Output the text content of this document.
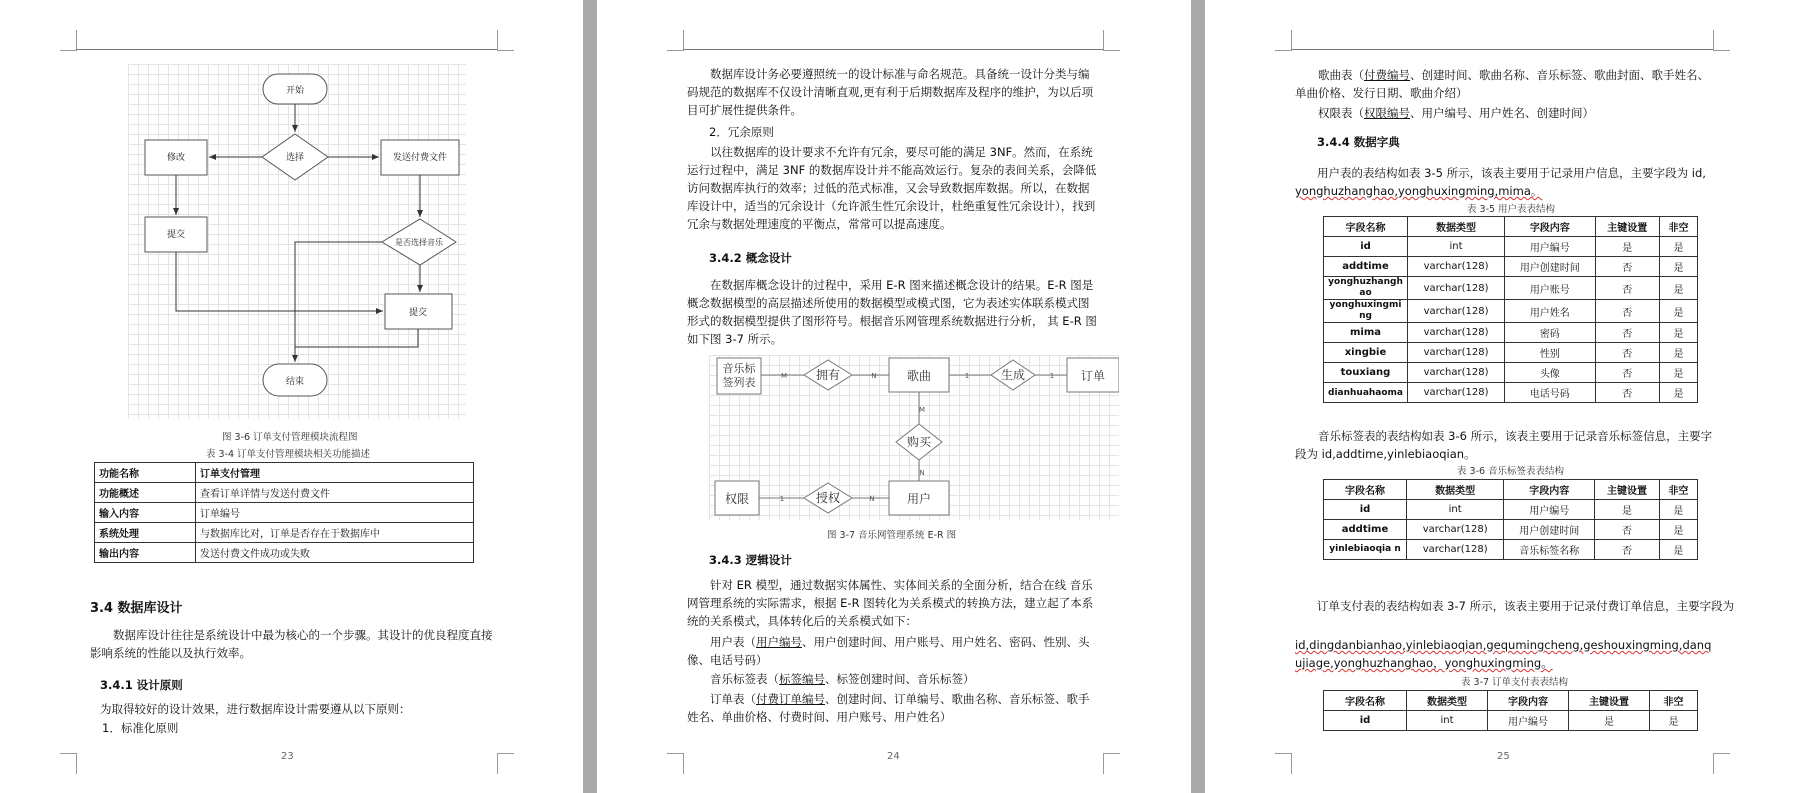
开始
选择
修改	发送付费文件
提交
是否选择音乐
提交
结束
图 3-6 订单支付管理模块流程图
表 3-4 订单支付管理模块相关功能描述
功能名称	订单支付管理
功能概述	查看订单详情与发送付费文件
输入内容	订单编号
系统处理	与数据库比对，订单是否存在于数据库中
输出内容	发送付费文件成功或失败
3.4 数据库设计
数据库设计往往是系统设计中最为核心的一个步骤。其设计的优良程度直接影响系统的性能以及执行效率。
3.4.1 设计原则
为取得较好的设计效果，进行数据库设计需要遵从以下原则：
1．标准化原则
23
数据库设计务必要遵照统一的设计标准与命名规范。具备统一设计分类与编码规范的数据库不仅设计清晰直观,更有利于后期数据库及程序的维护，为以后项目可扩展性提供条件。
2．冗余原则
以往数据库的设计要求不允许有冗余，要尽可能的满足 3NF。然而，在系统运行过程中，满足 3NF 的数据库设计并不能高效运行。复杂的表间关系，会降低访问数据库执行的效率；过低的范式标准，又会导致数据库数据。所以，在数据库设计中，适当的冗余设计（允许派生性冗余设计，杜绝重复性冗余设计），找到冗余与数据处理速度的平衡点，常常可以提高速度。
3.4.2 概念设计
在数据库概念设计的过程中，采用 E-R 图来描述概念设计的结果。E-R 图是概念数据模型的高层描述所使用的数据模型或模式图，它为表述实体联系模式图形式的数据模型提供了图形符号。根据音乐网管理系统数据进行分析， 其 E-R 图如下图 3-7 所示。
音乐标签列表
拥有	歌曲	生成	订单
购买
权限	授权	用户
M	N	1	1
M
N
1	N
图 3-7 音乐网管理系统 E-R 图
3.4.3 逻辑设计
针对 ER 模型，通过数据实体属性、实体间关系的全面分析，结合在线 音乐网管理系统的实际需求，根据 E-R 图转化为关系模式的转换方法，建立起了本系统的关系模式，具体转化后的关系模式如下：
用户表（用户编号、用户创建时间、用户账号、用户姓名、密码、性别、头像、电话号码）
音乐标签表（标签编号、标签创建时间、音乐标签）
订单表（付费订单编号、创建时间、订单编号、歌曲名称、音乐标签、歌手姓名、单曲价格、付费时间、用户账号、用户姓名）
24
歌曲表（付费编号、创建时间、歌曲名称、音乐标签、歌曲封面、歌手姓名、单曲价格、发行日期、歌曲介绍）
权限表（权限编号、用户编号、用户姓名、创建时间）
3.4.4 数据字典
用户表的表结构如表 3-5 所示，该表主要用于记录用户信息，主要字段为 id,
yonghuzhanghao,yonghuxingming,mima。
表 3-5 用户表表结构
字段名称	数据类型	字段内容	主键设置	非空
id	int	用户编号	是	是
addtime	varchar(128)	用户创建时间	否	是
yonghuzhangh ao	varchar(128)	用户账号	否	是
yonghuxingmi ng	varchar(128)	用户姓名	否	是
mima	varchar(128)	密码	否	是
xingbie	varchar(128)	性别	否	是
touxiang	varchar(128)	头像	否	是
dianhuahaoma	varchar(128)	电话号码	否	是
音乐标签表的表结构如表 3-6 所示，该表主要用于记录音乐标签信息，主要字段为 id,addtime,yinlebiaoqian。
表 3-6 音乐标签表表结构
字段名称	数据类型	字段内容	主键设置	非空
id	int	用户编号	是	是
addtime	varchar(128)	用户创建时间	否	是
yinlebiaoqia n	varchar(128)	音乐标签名称	否	是
订单支付表的表结构如表 3-7 所示，该表主要用于记录付费订单信息，主要字段为
id,dingdanbianhao,yinlebiaoqian,gequmingcheng,geshouxingming,danqujiage,yonghuzhanghao，yonghuxingming。
表 3-7 订单支付表表结构
字段名称	数据类型	字段内容	主键设置	非空
id	int	用户编号	是	是
25
